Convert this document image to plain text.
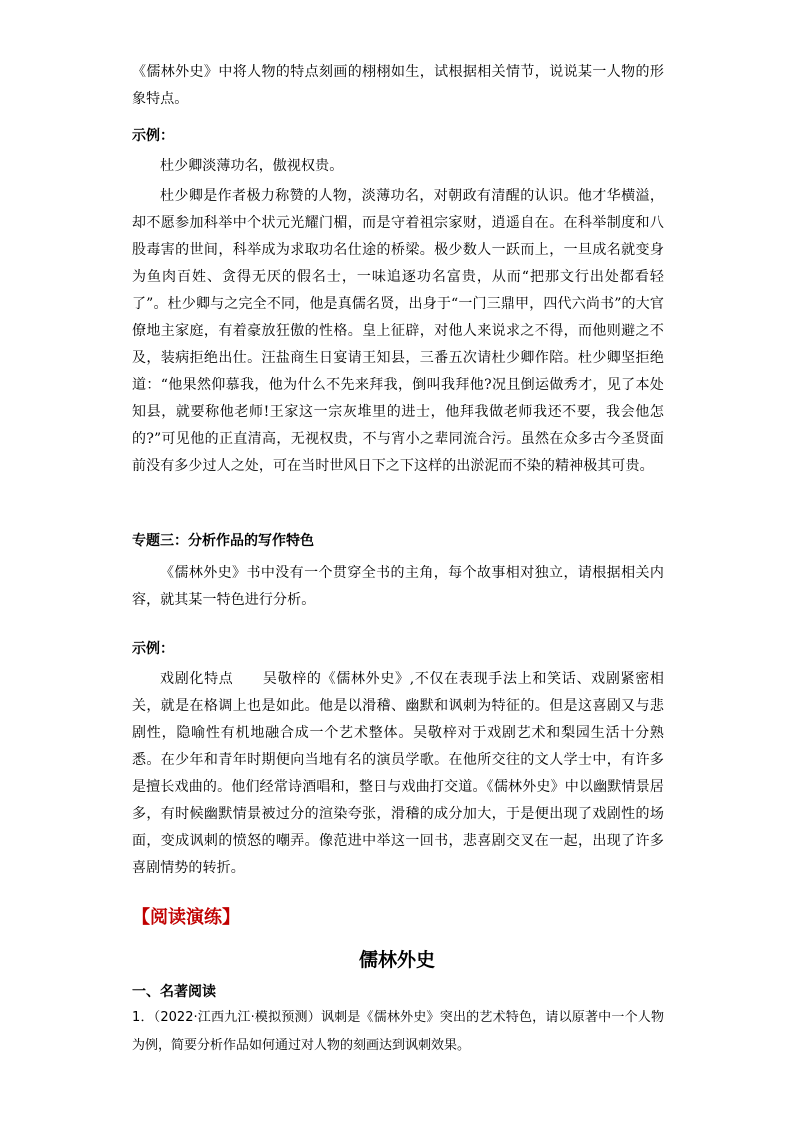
《儒林外史》中将人物的特点刻画的栩栩如生，试根据相关情节，说说某一人物的形象特点。

示例：

杜少卿淡薄功名，傲视权贵。

杜少卿是作者极力称赞的人物，淡薄功名，对朝政有清醒的认识。他才华横溢，却不愿参加科举中个状元光耀门楣，而是守着祖宗家财，逍遥自在。在科举制度和八股毒害的世间，科举成为求取功名仕途的桥梁。极少数人一跃而上，一旦成名就变身为鱼肉百姓、贪得无厌的假名士，一味追逐功名富贵，从而“把那文行出处都看轻了”。杜少卿与之完全不同，他是真儒名贤，出身于“一门三鼎甲，四代六尚书”的大官僚地主家庭，有着豪放狂傲的性格。皇上征辟，对他人来说求之不得，而他则避之不及，装病拒绝出仕。汪盐商生日宴请王知县，三番五次请杜少卿作陪。杜少卿坚拒绝道：“他果然仰慕我，他为什么不先来拜我，倒叫我拜他?况且倒运做秀才，见了本处知县，就要称他老师!王家这一宗灰堆里的进士，他拜我做老师我还不要，我会他怎的?”可见他的正直清高，无视权贵，不与宵小之辈同流合污。虽然在众多古今圣贤面前没有多少过人之处，可在当时世风日下之下这样的出淤泥而不染的精神极其可贵。

专题三：分析作品的写作特色

《儒林外史》书中没有一个贯穿全书的主角，每个故事相对独立，请根据相关内容，就其某一特色进行分析。

示例：

戏剧化特点　　吴敬梓的《儒林外史》,不仅在表现手法上和笑话、戏剧紧密相关，就是在格调上也是如此。他是以滑稽、幽默和讽刺为特征的。但是这喜剧又与悲剧性，隐喻性有机地融合成一个艺术整体。吴敬梓对于戏剧艺术和梨园生活十分熟悉。在少年和青年时期便向当地有名的演员学歌。在他所交往的文人学士中，有许多是擅长戏曲的。他们经常诗酒唱和，整日与戏曲打交道。《儒林外史》中以幽默情景居多，有时候幽默情景被过分的渲染夸张，滑稽的成分加大，于是便出现了戏剧性的场面，变成讽刺的愤怒的嘲弄。像范进中举这一回书，悲喜剧交叉在一起，出现了许多喜剧情势的转折。

【阅读演练】
儒林外史
一、名著阅读

1．（2022·江西九江·模拟预测）讽刺是《儒林外史》突出的艺术特色，请以原著中一个人物为例，简要分析作品如何通过对人物的刻画达到讽刺效果。
